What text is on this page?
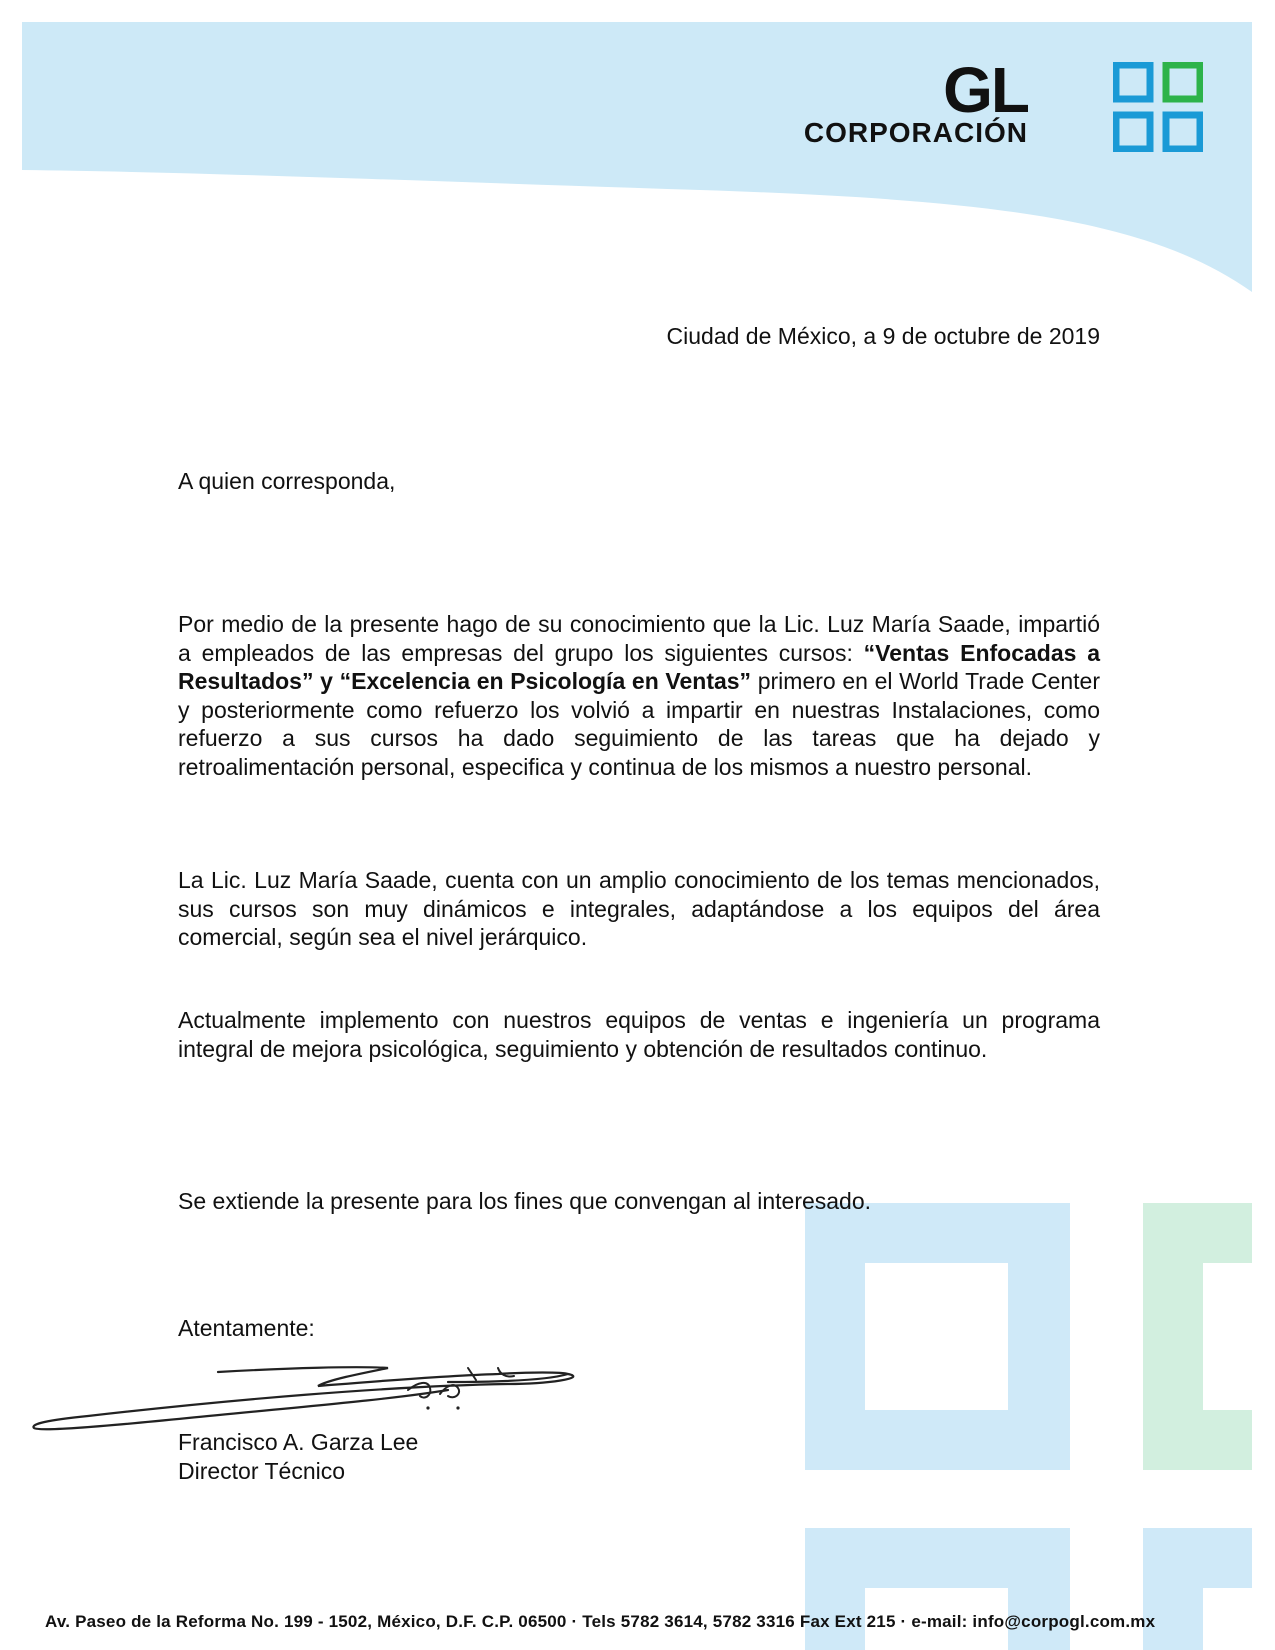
GL
CORPORACIÓN
Ciudad de México, a 9 de octubre de 2019
A quien corresponda,
Por medio de la presente hago de su conocimiento que la Lic. Luz María Saade, impartió a empleados de las empresas del grupo los siguientes cursos: “Ventas Enfocadas a Resultados” y “Excelencia en Psicología en Ventas” primero en el World Trade Center y posteriormente como refuerzo los volvió a impartir en nuestras Instalaciones, como refuerzo a sus cursos ha dado seguimiento de las tareas que ha dejado y retroalimentación personal, especifica y continua de los mismos a nuestro personal.
La Lic. Luz María Saade, cuenta con un amplio conocimiento de los temas mencionados, sus cursos son muy dinámicos e integrales, adaptándose a los equipos del área comercial, según sea el nivel jerárquico.
Actualmente implemento con nuestros equipos de ventas e ingeniería un programa integral de mejora psicológica, seguimiento y obtención de resultados continuo.
Se extiende la presente para los fines que convengan al interesado.
Atentamente:
Francisco A. Garza Lee
Director Técnico
Av. Paseo de la Reforma No. 199 - 1502, México, D.F. C.P. 06500 · Tels 5782 3614, 5782 3316 Fax Ext 215 · e-mail: info@corpogl.com.mx
